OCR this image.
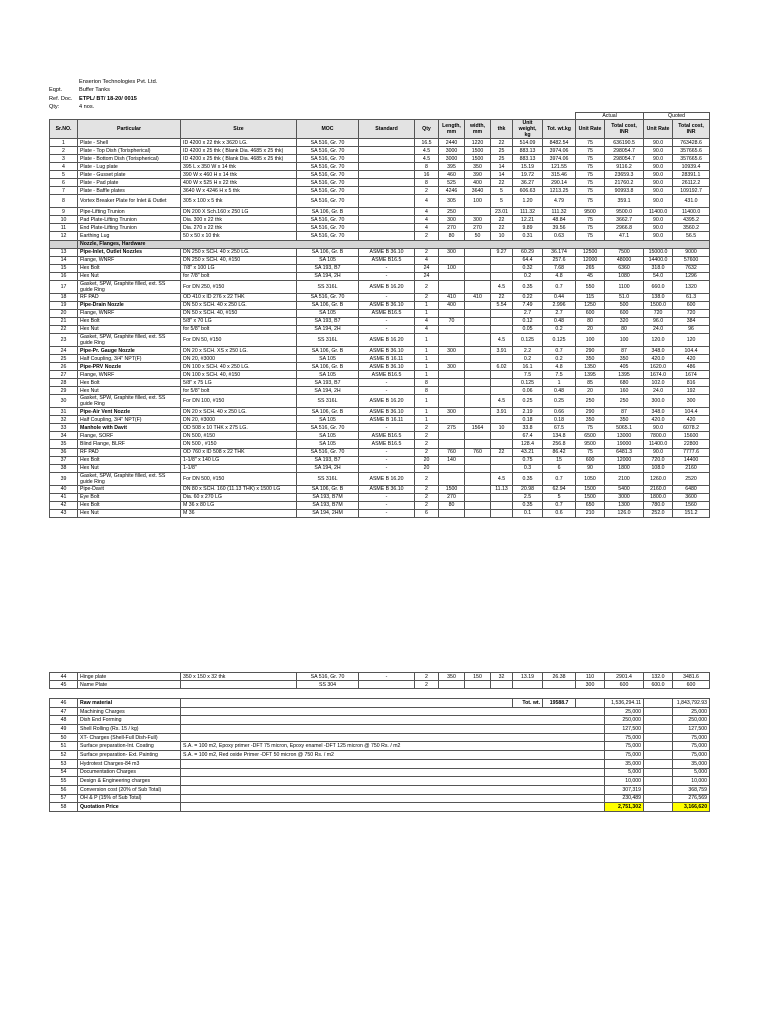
Enserion Technologies Pvt. Ltd.
Eqpt.	Buffer Tanks
Ref. Doc.	ETPL/ BT/ 18-20/ 0015
Qty:	4 nos.
											Actual		Quoted	
Sr.NO.	Particular	Size	MOC	Standard	Qty	Length, mm	width, mm	thk	Unit weight, kg	Tot. wt.kg	Unit Rate	Total cost, INR	Unit Rate	Total cost, INR
1	Plate - Shell	ID 4200 x 22 thk x 3620 LG.	SA 516, Gr. 70		16.5	2440	1220	22	514.09	8482.54	75	636190.5	90.0	763428.6
2	Plate - Top Dish (Torispherical)	ID 4200 x 25 thk ( Blank Dia. 4685 x 25 thk)	SA 516, Gr. 70		4.5	3000	1500	25	883.13	3974.06	75	298054.7	90.0	357665.6
3	Plate - Bottom Dish (Torispherical)	ID 4200 x 25 thk ( Blank Dia. 4685 x 25 thk)	SA 516, Gr. 70		4.5	3000	1500	25	883.13	3974.06	75	298054.7	90.0	357665.6
4	Plate - Lug plate	395 L x 350 W x 14 thk	SA 516, Gr. 70		8	395	350	14	15.19	121.55	75	9116.2	90.0	10939.4
5	Plate - Gusset plate	390 W x 460 H x 14 thk	SA 516, Gr. 70		16	460	390	14	19.72	315.46	75	23659.3	90.0	28391.1
6	Plate - Pad plate	400 W x 525 H x 22 thk	SA 516, Gr. 70		8	525	400	22	36.27	290.14	75	21760.2	90.0	26112.2
7	Plate - Baffle plates	3640 W x 4246 H x 5 thk	SA 516, Gr. 70		2	4246	3640	5	606.63	1213.25	75	90993.8	90.0	109192.7
8	Vortex Breaker Plate for Inlet & Outlet	305 x 100 x 5 thk	SA 516, Gr. 70		4	305	100	5	1.20	4.79	75	359.1	90.0	431.0
9	Pipe-Lifting Trunion	DN 200 X Sch.160 x 250 LG	SA 106, Gr. B		4	250		23.01	111.32	111.32	9500	9500.0	11400.0	11400.0
10	Pad Plate-Lifting Trunion	Dia. 300 x 22 thk	SA 516, Gr. 70		4	300	300	22	12.21	48.84	75	3662.7	90.0	4395.2
11	End Plate-Lifting Trunion	Dia. 270 x 22 thk	SA 516, Gr. 70		4	270	270	22	9.89	39.56	75	2966.8	90.0	3560.2
12	Earthing Lug	50 x 50 x 10 thk	SA 516, Gr. 70		2	80	50	10	0.31	0.63	75	47.1	90.0	56.5
	Nozzle, Flanges, Hardware													
13	Pipe-Inlet, Outlet Nozzles	DN 250 x SCH. 40 x 250 LG.	SA 106, Gr. B	ASME B 36.10	2	300		9.27	60.29	36.174	12500	7500	15000.0	9000
14	Flange, WNRF	DN 250 x SCH. 40, #150	SA 105	ASME B16.5	4				64.4	257.6	12000	48000	14400.0	57600
15	Hex Bolt	7/8" x 100 LG	SA 193, B7	-	24	100			0.32	7.68	265	6360	318.0	7632
16	Hex Nut	for 7/8" bolt	SA 194, 2H	-	24				0.2	4.8	45	1080	54.0	1296
17	Gasket, SPW, Graphite filled, ext. SS guide Ring	For DN 250, #150	SS 316L	ASME B 16.20	2			4.5	0.35	0.7	550	1100	660.0	1320
18	RF PAD	OD 410 x ID 276 x 22 THK	SA 516, Gr. 70	-	2	410	410	22	0.22	0.44	115	51.0	138.0	61.3
19	Pipe-Drain Nozzle	DN 50 x SCH. 40 x 250 LG.	SA 106, Gr. B	ASME B 36.10	1	400		5.54	7.49	2.996	1250	500	1500.0	600
20	Flange, WNRF	DN 50 x SCH. 40, #150	SA 105	ASME B16.5	1				2.7	2.7	600	600	720	720
21	Hex Bolt	5/8" x 70 LG	SA 193, B7	-	4	70			0.12	0.48	80	320	96.0	384
22	Hex Nut	for 5/8" bolt	SA 194, 2H	-	4				0.05	0.2	20	80	24.0	96
23	Gasket, SPW, Graphite filled, ext. SS guide Ring	For DN 50, #150	SS 316L	ASME B 16.20	1			4.5	0.125	0.125	100	100	120.0	120
24	Pipe-Pr. Gauge Nozzle	DN 20 x SCH. XS x 250 LG.	SA 106, Gr. B	ASME B 36.10	1	300		3.91	2.2	0.7	290	87	348.0	104.4
25	Half Coupling, 3/4" NPT(F)	DN 20, #3000	SA 105	ASME B 16.11	1				0.2	0.2	350	350	420.0	420
26	Pipe-PRV Nozzle	DN 100 x SCH. 40 x 250 LG.	SA 106, Gr. B	ASME B 36.10	1	300		6.02	16.1	4.8	1350	405	1620.0	486
27	Flange, WNRF	DN 100 x SCH. 40, #150	SA 105	ASME B16.5	1				7.5	7.5	1395	1395	1674.0	1674
28	Hex Bolt	5/8" x 75 LG	SA 193, B7	-	8				0.125	1	85	680	102.0	816
29	Hex Nut	for 5/8" bolt	SA 194, 2H	-	8				0.06	0.48	20	160	24.0	192
30	Gasket, SPW, Graphite filled, ext. SS guide Ring	For DN 100, #150	SS 316L	ASME B 16.20	1			4.5	0.25	0.25	250	250	300.0	300
31	Pipe-Air Vent Nozzle	DN 20 x SCH. 40 x 250 LG.	SA 106, Gr. B	ASME B 36.10	1	300		3.91	2.19	0.66	290	87	348.0	104.4
32	Half Coupling, 3/4" NPT(F)	DN 20, #3000	SA 105	ASME B 16.11	1				0.18	0.18	350	350	420.0	420
33	Manhole with Davit	OD 508 x 10 THK x 275 LG.	SA 516, Gr. 70	-	2	275	1564	10	33.8	67.5	75	5065.1	90.0	6078.2
34	Flange, SORF	DN 500, #150	SA 105	ASME B16.5	2				67.4	134.8	6500	13000	7800.0	15600
35	Blind Flange, BLRF	DN 500 , #150	SA 105	ASME B16.5	2				128.4	256.8	9500	19000	11400.0	22800
36	RF PAD	OD 760 x ID 508 x 22 THK	SA 516, Gr. 70	-	2	760	760	22	43.21	86.42	75	6481.3	90.0	7777.6
37	Hex Bolt	1-1/8" x 140 LG	SA 193, B7	-	20	140			0.75	15	600	12000	720.0	14400
38	Hex Nut	1-1/8"	SA 194, 2H	-	20				0.3	6	90	1800	108.0	2160
39	Gasket, SPW, Graphite filled, ext. SS guide Ring	For DN 500, #150	SS 316L	ASME B 16.20	2			4.5	0.35	0.7	1050	2100	1260.0	2520
40	Pipe-Davit	DN 80 x SCH. 160 (11.13 THK) x 1500 LG	SA 106, Gr. B	ASME B 36.10	2	1500		11.13	20.98	62.94	1500	5400	2160.0	6480
41	Eye Bolt	Dia. 60 x 270 LG	SA 193, B7M	-	2	270			2.5	5	1500	3000	1800.0	3600
42	Hex Bolt	M 36 x 80 LG	SA 193, B7M	-	2	80			0.35	0.7	650	1300	780.0	1560
43	Hex Nut	M 36	SA 194, 2HM	-	6				0.1	0.6	210	126.0	252.0	151.2
44	Hinge plate	350 x 150 x 32 thk	SA 516, Gr. 70	-	2	350	150	32	13.19	26.38	110	2901.4	132.0	3481.6
45	Name Plate		SS 304		2						300	600	600.0	600
46	Raw material		Tot. wt.	19588.7		1,536,294.11		1,843,792.93
47	Machining Charges					25,000		25,000
48	Dish End Forming					250,000		250,000
49	Shell Rolling (Rs. 15 / kg)					127,500		127,500
50	XT- Charges (Shell-Full Dish-Full)					75,000		75,000
51	Surface preparation-Int. Coating	S.A. = 100 m2, Epoxy primer -DFT 75 micron, Epoxy enamel -DFT 125 micron @ 750 Rs. / m2				75,000		75,000
52	Surface preparation- Ext. Painting	S.A. = 100 m2, Red oxide Primer -DFT 50 micron @ 750 Rs. / m2				75,000		75,000
53	Hydrotest Charges-84 m3					35,000		35,000
54	Documentation Charges					5,000		5,000
55	Design & Engineering charges					10,000		10,000
56	Conversion cost (20% of Sub Total)					307,319		368,759
57	OH & P (15% of Sub Total)					230,489		276,569
58	Quotation Price					2,751,302		3,166,620
